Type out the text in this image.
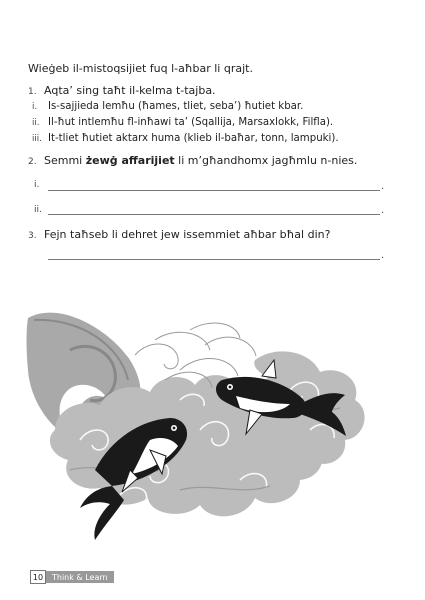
Wieġeb il-mistoqsijiet fuq l-aħbar li qrajt.
1. Aqta’ sing taħt il-kelma t-tajba.
i. Is-sajjieda lemħu (ħames, tliet, seba’) ħutiet kbar.
ii. Il-ħut intlemħu fl-inħawi ta’ (Sqallija, Marsaxlokk, Filfla).
iii. It-tliet ħutiet aktarx huma (klieb il-baħar, tonn, lampuki).
2. Semmi żewġ affarijiet li m’għandhomx jagħmlu n-nies.
i.	.
ii.	.
3. Fejn taħseb li dehret jew issemmiet aħbar bħal din?
.
10	Think & Learn
